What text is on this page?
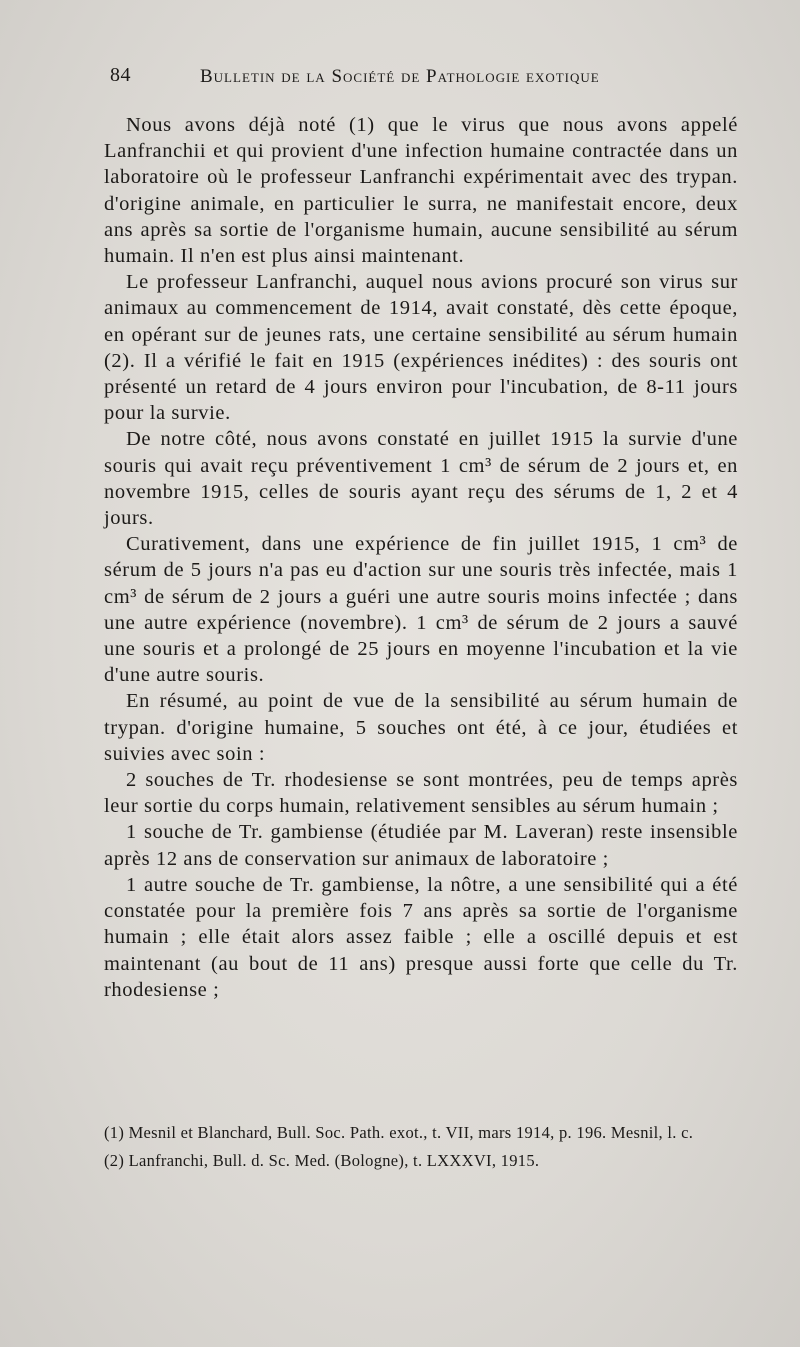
84	Bulletin de la Société de Pathologie exotique

Nous avons déjà noté (1) que le virus que nous avons appelé Lanfranchii et qui provient d'une infection humaine contractée dans un laboratoire où le professeur Lanfranchi expérimentait avec des trypan. d'origine animale, en particulier le surra, ne manifestait encore, deux ans après sa sortie de l'organisme humain, aucune sensibilité au sérum humain. Il n'en est plus ainsi maintenant.

Le professeur Lanfranchi, auquel nous avions procuré son virus sur animaux au commencement de 1914, avait constaté, dès cette époque, en opérant sur de jeunes rats, une certaine sensibilité au sérum humain (2). Il a vérifié le fait en 1915 (expériences inédites) : des souris ont présenté un retard de 4 jours environ pour l'incubation, de 8-11 jours pour la survie.

De notre côté, nous avons constaté en juillet 1915 la survie d'une souris qui avait reçu préventivement 1 cm³ de sérum de 2 jours et, en novembre 1915, celles de souris ayant reçu des sérums de 1, 2 et 4 jours.

Curativement, dans une expérience de fin juillet 1915, 1 cm³ de sérum de 5 jours n'a pas eu d'action sur une souris très infectée, mais 1 cm³ de sérum de 2 jours a guéri une autre souris moins infectée ; dans une autre expérience (novembre). 1 cm³ de sérum de 2 jours a sauvé une souris et a prolongé de 25 jours en moyenne l'incubation et la vie d'une autre souris.

En résumé, au point de vue de la sensibilité au sérum humain de trypan. d'origine humaine, 5 souches ont été, à ce jour, étudiées et suivies avec soin :

2 souches de Tr. rhodesiense se sont montrées, peu de temps après leur sortie du corps humain, relativement sensibles au sérum humain ;

1 souche de Tr. gambiense (étudiée par M. Laveran) reste insensible après 12 ans de conservation sur animaux de laboratoire ;

1 autre souche de Tr. gambiense, la nôtre, a une sensibilité qui a été constatée pour la première fois 7 ans après sa sortie de l'organisme humain ; elle était alors assez faible ; elle a oscillé depuis et est maintenant (au bout de 11 ans) presque aussi forte que celle du Tr. rhodesiense ;

(1) Mesnil et Blanchard, Bull. Soc. Path. exot., t. VII, mars 1914, p. 196. Mesnil, l. c.

(2) Lanfranchi, Bull. d. Sc. Med. (Bologne), t. LXXXVI, 1915.
